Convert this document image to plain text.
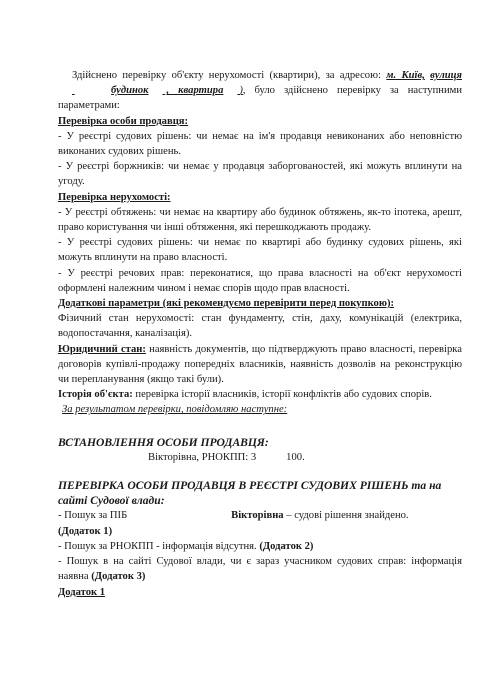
Здійснено перевірку об'єкту нерухомості (квартири), за адресою: м. Київ, вулиця  будинок , квартира ), було здійснено перевірку за наступними параметрами:

Перевірка особи продавця:

- У реєстрі судових рішень: чи немає на ім'я продавця невиконаних або неповністю виконаних судових рішень.

- У реєстрі боржників: чи немає у продавця заборгованостей, які можуть вплинути на угоду.

Перевірка нерухомості:

- У реєстрі обтяжень: чи немає на квартиру або будинок обтяжень, як-то іпотека, арешт, право користування чи інші обтяження, які перешкоджають продажу.

- У реєстрі судових рішень: чи немає по квартирі або будинку судових рішень, які можуть вплинути на право власності.

- У реєстрі речових прав: переконатися, що права власності на об'єкт нерухомості оформлені належним чином і немає спорів щодо прав власності.

Додаткові параметри (які рекомендуємо перевірити перед покупкою):

Фізичний стан нерухомості: стан фундаменту, стін, даху, комунікацій (електрика, водопостачання, каналізація).

Юридичний стан: наявність документів, що підтверджують право власності, перевірка договорів купівлі-продажу попередніх власників, наявність дозволів на реконструкцію чи перепланування (якщо такі були).

Історія об'єкта: перевірка історії власників, історії конфліктів або судових спорів.

За результатом перевірки, повідомляю наступне:

ВСТАНОВЛЕННЯ ОСОБИ ПРОДАВЦЯ:

Вікторівна, РНОКПП: 3	100.

ПЕРЕВІРКА ОСОБИ ПРОДАВЦЯ В РЕЄСТРІ СУДОВИХ РІШЕНЬ та на сайті Судової влади:

- Пошук за ПІБ	Вікторівна – судові рішення знайдено.

(Додаток 1)

- Пошук за РНОКПП - інформація відсутня. (Додаток 2)

- Пошук в на сайті Судової влади, чи є зараз учасником судових справ: інформація наявна (Додаток 3)

Додаток 1
